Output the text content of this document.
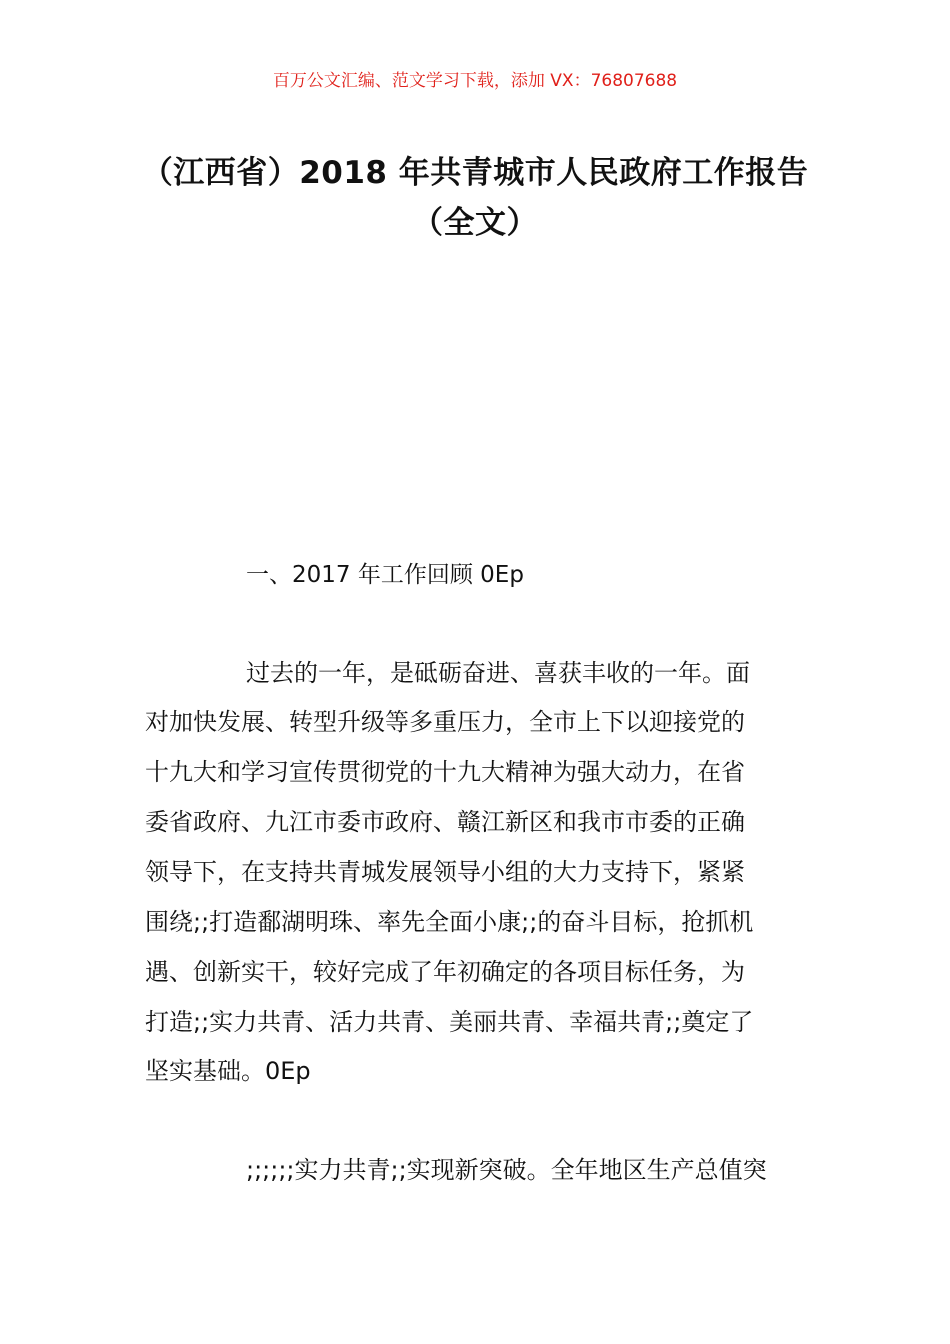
百万公文汇编、范文学习下载，添加 VX：76807688
（江西省）2018 年共青城市人民政府工作报告（全文）
一、2017 年工作回顾 0Ep
过去的一年，是砥砺奋进、喜获丰收的一年。面
对加快发展、转型升级等多重压力，全市上下以迎接党的
十九大和学习宣传贯彻党的十九大精神为强大动力，在省
委省政府、九江市委市政府、赣江新区和我市市委的正确
领导下，在支持共青城发展领导小组的大力支持下，紧紧
围绕;;打造鄱湖明珠、率先全面小康;;的奋斗目标，抢抓机
遇、创新实干，较好完成了年初确定的各项目标任务，为
打造;;实力共青、活力共青、美丽共青、幸福共青;;奠定了
坚实基础。0Ep
;;;;;;实力共青;;实现新突破。全年地区生产总值突
